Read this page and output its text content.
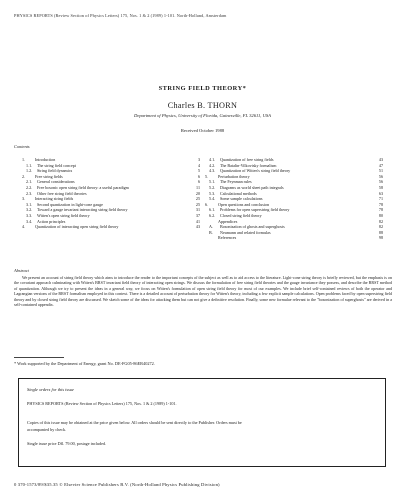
PHYSICS REPORTS (Review Section of Physics Letters) 175, Nos. 1 & 2 (1989) 1-101. North-Holland, Amsterdam
STRING FIELD THEORY*
Charles B. THORN
Department of Physics, University of Florida, Gainesville, FL 32611, USA
Received October 1988
Contents
1.	Introduction	3
1.1.	The string field concept	4
1.2.	String field dynamics	5
2.	Free string fields	6
2.1.	General considerations	6
2.2.	Free bosonic open string field theory: a useful paradigm	11
2.3.	Other free string field theories	20
3.	Interacting string fields	25
3.1.	Second quantization in light-cone gauge	25
3.2.	Toward a gauge invariant interacting string field theory	31
3.3.	Witten's open string field theory	37
3.4.	Action principles	41
4.	Quantization of interacting open string field theory	43
4.1.	Quantization of free string fields	43
4.2.	The Batalin-Vilkovisky formalism	47
4.3.	Quantization of Witten's string field theory	51
5.	Perturbation theory	56
5.1.	The Feynman rules	56
5.2.	Diagrams as world sheet path integrals	58
5.3.	Calculational methods	63
5.4.	Some sample calculations	71
6.	Open questions and conclusion	78
6.1.	Problems for open superstring field theory	78
6.2.	Closed string field theory	80
Appendices	82
A.	Bosonization of ghosts and superghosts	82
B.	Neumann and related formulas	88
References	98
Abstract
We present an account of string field theory which aims to introduce the reader to the important concepts of the subject as well as to aid access to the literature. Light-cone string theory is briefly reviewed, but the emphasis is on the covariant approach culminating with Witten's BRST invariant field theory of interacting open strings. We discuss the formulation of free string field theories and the gauge invariance they possess, and describe the BRST method of quantization. Although we try to present the ideas in a general way, we focus on Witten's formulation of open string field theory for most of our examples. We include brief self-contained reviews of both the operator and Lagrangian versions of the BRST formalism employed in this context. There is a detailed account of perturbation theory for Witten's theory, including a few explicit sample calculations. Open problems faced by open superstring field theory and by closed string field theory are discussed. We sketch some of the ideas for attacking them but can not give a definitive resolution. Finally, some new formulae relevant to the "bosonization of superghosts" are derived in a self-contained appendix.
* Work supported by the Department of Energy, grant No. DE-FG05-86ER40272.
Single orders for this issue
PHYSICS REPORTS (Review Section of Physics Letters) 175, Nos. 1 & 2 (1989) 1-101.
Copies of this issue may be obtained at the price given below. All orders should be sent directly to the Publisher. Orders must be
accompanied by check.
Single issue price Dfl. 79.00, postage included.
0 370-1573/89/$35.35 © Elsevier Science Publishers B.V. (North-Holland Physics Publishing Division)
